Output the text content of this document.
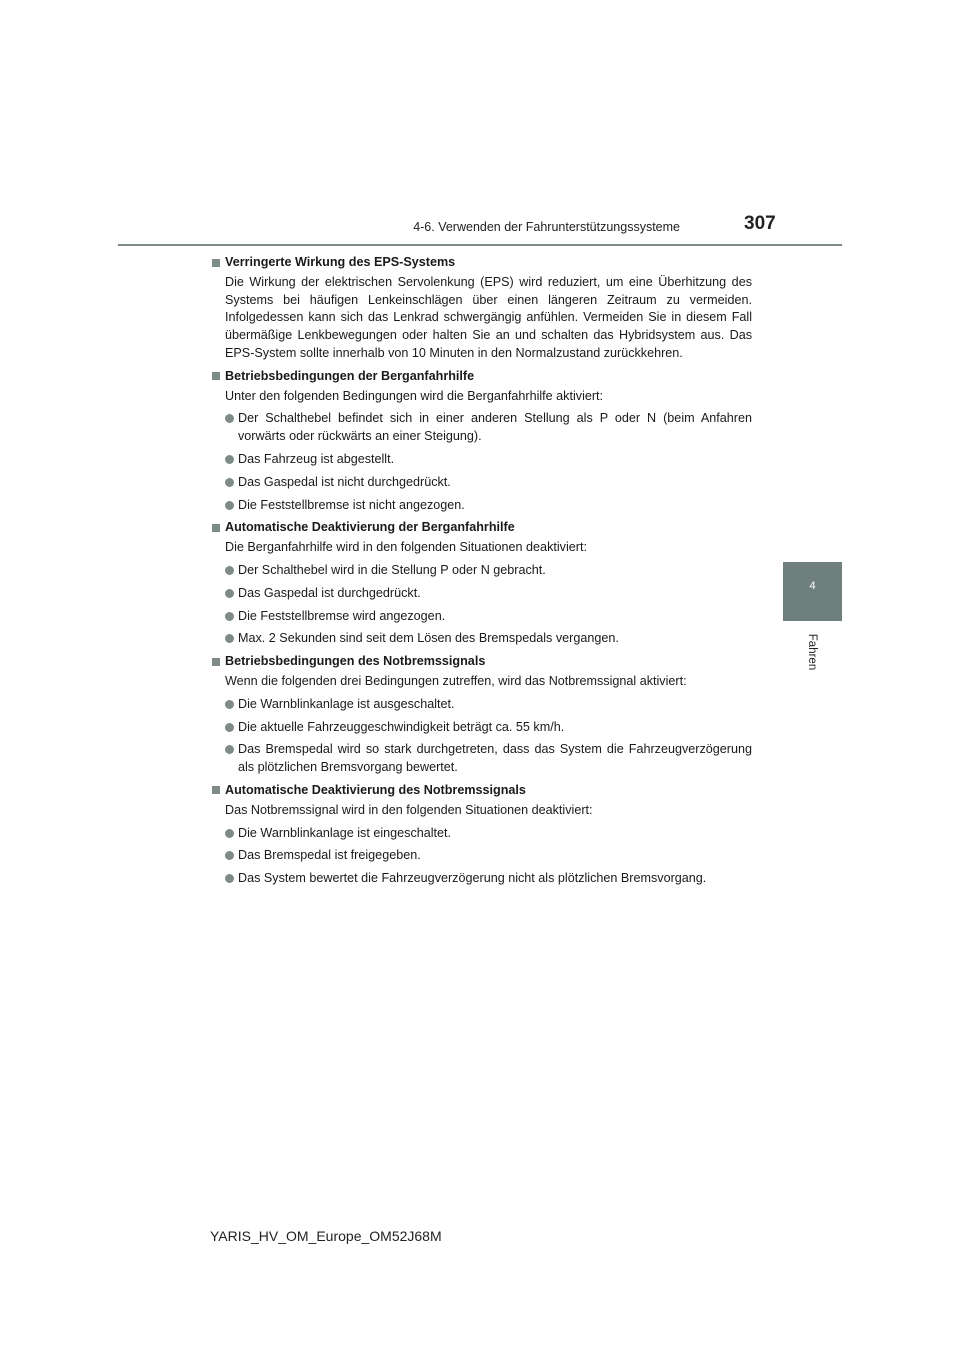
4-6. Verwenden der Fahrunterstützungssysteme	307
4
Fahren
Verringerte Wirkung des EPS-Systems
Die Wirkung der elektrischen Servolenkung (EPS) wird reduziert, um eine Überhitzung des Systems bei häufigen Lenkeinschlägen über einen längeren Zeitraum zu vermeiden. Infolgedessen kann sich das Lenkrad schwergängig anfühlen. Vermeiden Sie in diesem Fall übermäßige Lenkbewegungen oder halten Sie an und schalten das Hybridsystem aus. Das EPS-System sollte innerhalb von 10 Minuten in den Normalzustand zurückkehren.
Betriebsbedingungen der Berganfahrhilfe
Unter den folgenden Bedingungen wird die Berganfahrhilfe aktiviert:
Der Schalthebel befindet sich in einer anderen Stellung als P oder N (beim Anfahren vorwärts oder rückwärts an einer Steigung).
Das Fahrzeug ist abgestellt.
Das Gaspedal ist nicht durchgedrückt.
Die Feststellbremse ist nicht angezogen.
Automatische Deaktivierung der Berganfahrhilfe
Die Berganfahrhilfe wird in den folgenden Situationen deaktiviert:
Der Schalthebel wird in die Stellung P oder N gebracht.
Das Gaspedal ist durchgedrückt.
Die Feststellbremse wird angezogen.
Max. 2 Sekunden sind seit dem Lösen des Bremspedals vergangen.
Betriebsbedingungen des Notbremssignals
Wenn die folgenden drei Bedingungen zutreffen, wird das Notbremssignal aktiviert:
Die Warnblinkanlage ist ausgeschaltet.
Die aktuelle Fahrzeuggeschwindigkeit beträgt ca. 55 km/h.
Das Bremspedal wird so stark durchgetreten, dass das System die Fahrzeugverzögerung als plötzlichen Bremsvorgang bewertet.
Automatische Deaktivierung des Notbremssignals
Das Notbremssignal wird in den folgenden Situationen deaktiviert:
Die Warnblinkanlage ist eingeschaltet.
Das Bremspedal ist freigegeben.
Das System bewertet die Fahrzeugverzögerung nicht als plötzlichen Bremsvorgang.
YARIS_HV_OM_Europe_OM52J68M
